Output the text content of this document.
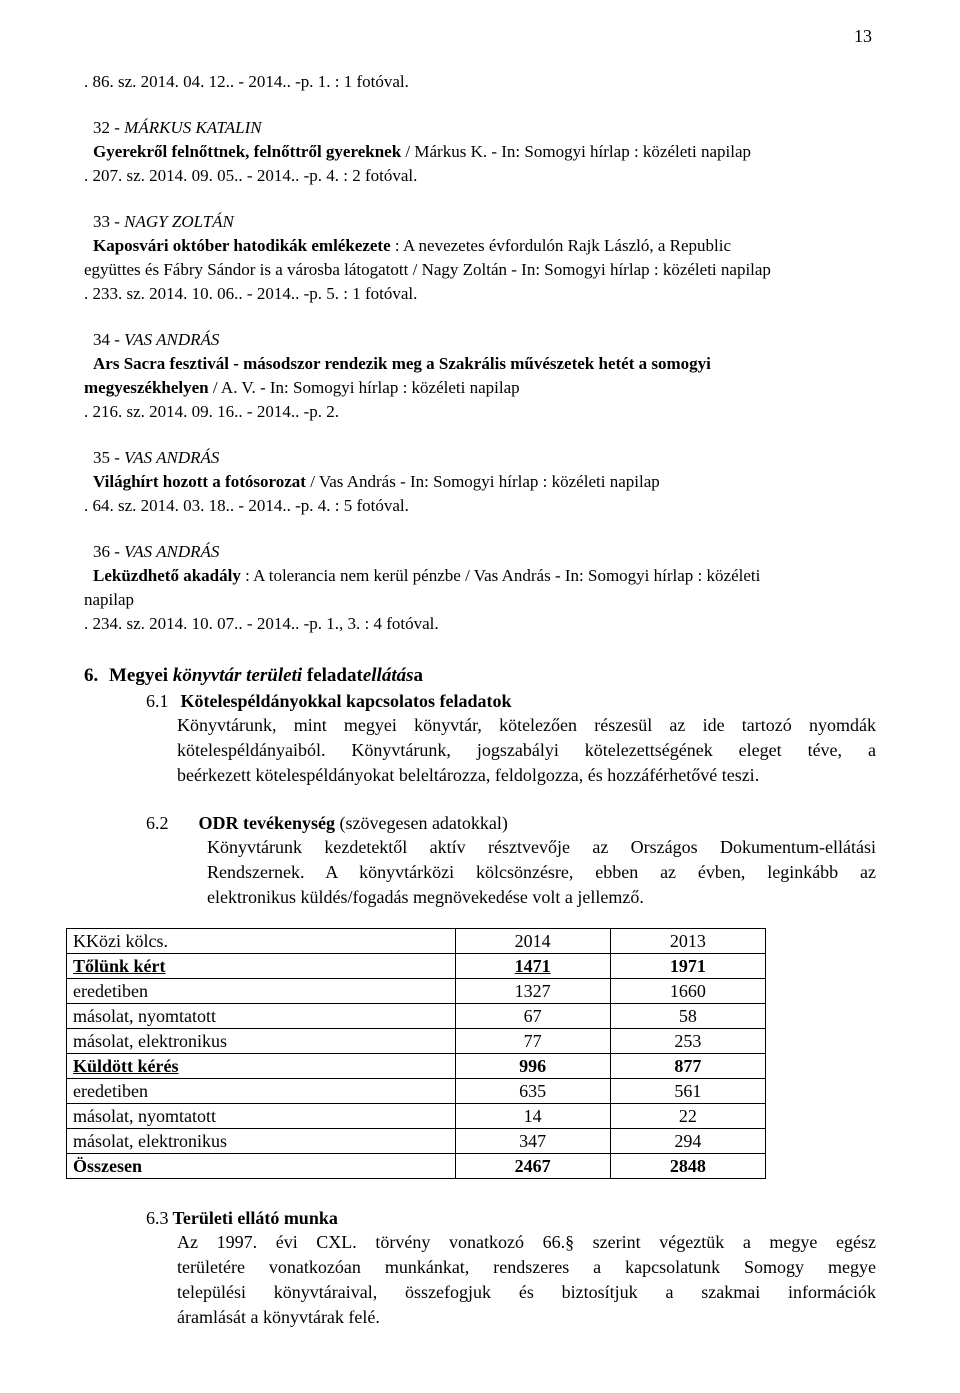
13
. 86. sz. 2014. 04. 12.. - 2014.. -p. 1. : 1 fotóval.
32 - MÁRKUS KATALIN
Gyerekről felnőttnek, felnőttről gyereknek / Márkus K. - In: Somogyi hírlap : közéleti napilap
. 207. sz. 2014. 09. 05.. - 2014.. -p. 4. : 2 fotóval.
33 - NAGY ZOLTÁN
Kaposvári október hatodikák emlékezete : A nevezetes évfordulón Rajk László, a Republic
együttes és Fábry Sándor is a városba látogatott / Nagy Zoltán - In: Somogyi hírlap : közéleti napilap
. 233. sz. 2014. 10. 06.. - 2014.. -p. 5. : 1 fotóval.
34 - VAS ANDRÁS
Ars Sacra fesztivál - másodszor rendezik meg a Szakrális művészetek hetét a somogyi
megyeszékhelyen / A. V. - In: Somogyi hírlap : közéleti napilap
. 216. sz. 2014. 09. 16.. - 2014.. -p. 2.
35 - VAS ANDRÁS
Világhírt hozott a fotósorozat / Vas András - In: Somogyi hírlap : közéleti napilap
. 64. sz. 2014. 03. 18.. - 2014.. -p. 4. : 5 fotóval.
36 - VAS ANDRÁS
Leküzdhető akadály : A tolerancia nem kerül pénzbe / Vas András - In: Somogyi hírlap : közéleti
napilap
. 234. sz. 2014. 10. 07.. - 2014.. -p. 1., 3. : 4 fotóval.
6. Megyei könyvtár területi feladatellátása
6.1 Kötelespéldányokkal kapcsolatos feladatok
Könyvtárunk, mint megyei könyvtár, kötelezően részesül az ide tartozó nyomdák
kötelespéldányaiból. Könyvtárunk, jogszabályi kötelezettségének eleget téve, a
beérkezett kötelespéldányokat beleltározza, feldolgozza, és hozzáférhetővé teszi.
6.2 ODR tevékenység (szövegesen adatokkal)
Könyvtárunk kezdetektől aktív résztvevője az Országos Dokumentum-ellátási
Rendszernek. A könyvtárközi kölcsönzésre, ebben az évben, leginkább az
elektronikus küldés/fogadás megnövekedése volt a jellemző.
KKözi kölcs.	2014	2013
Tőlünk kért	1471	1971
eredetiben	1327	1660
másolat, nyomtatott	67	58
másolat, elektronikus	77	253
Küldött kérés	996	877
eredetiben	635	561
másolat, nyomtatott	14	22
másolat, elektronikus	347	294
Összesen	2467	2848
6.3 Területi ellátó munka
Az 1997. évi CXL. törvény vonatkozó 66.§ szerint végeztük a megye egész
területére vonatkozóan munkánkat, rendszeres a kapcsolatunk Somogy megye
települési könyvtáraival, összefogjuk és biztosítjuk a szakmai információk
áramlását a könyvtárak felé.
